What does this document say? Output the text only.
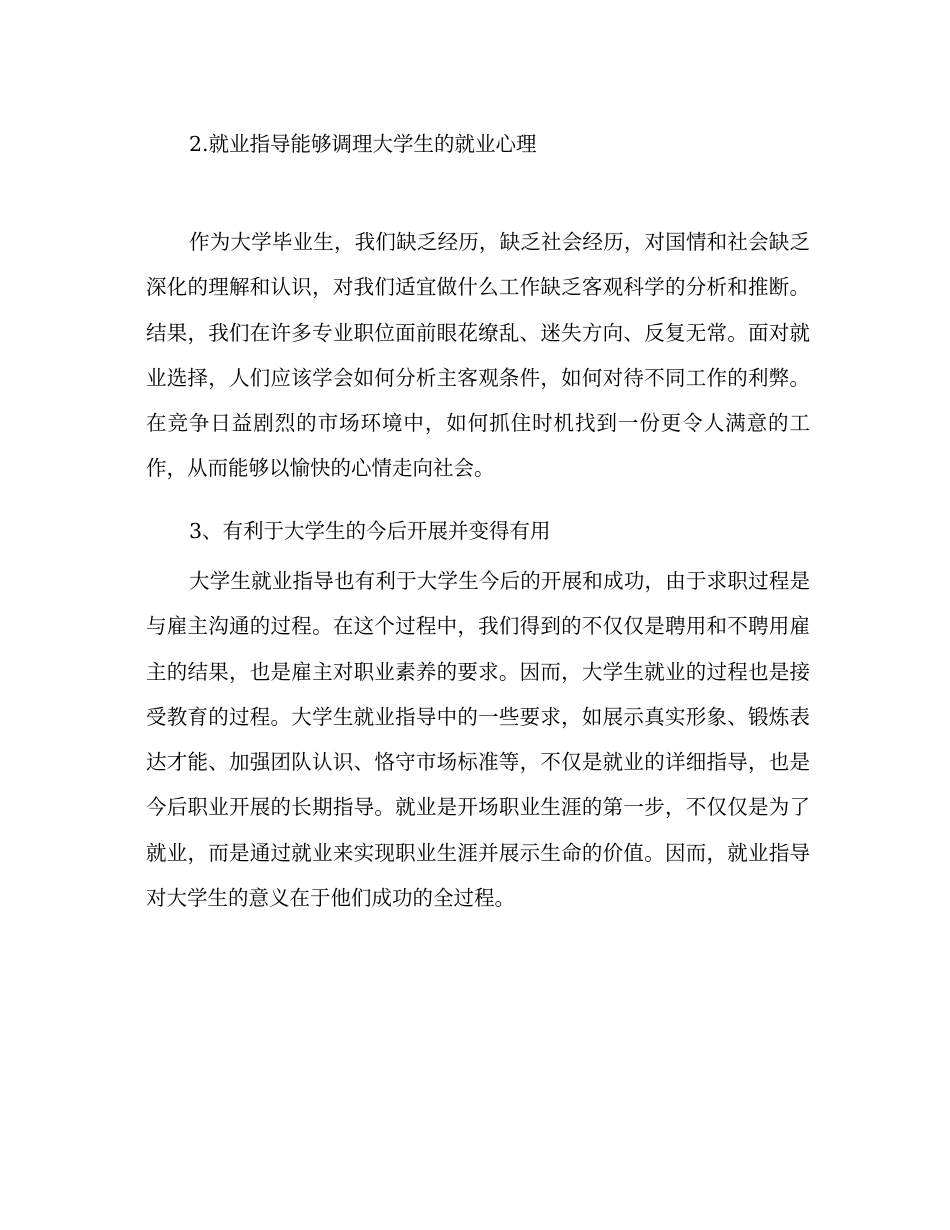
2.就业指导能够调理大学生的就业心理

作为大学毕业生，我们缺乏经历，缺乏社会经历，对国情和社会缺乏深化的理解和认识，对我们适宜做什么工作缺乏客观科学的分析和推断。结果，我们在许多专业职位面前眼花缭乱、迷失方向、反复无常。面对就业选择，人们应该学会如何分析主客观条件，如何对待不同工作的利弊。在竞争日益剧烈的市场环境中，如何抓住时机找到一份更令人满意的工作，从而能够以愉快的心情走向社会。

3、有利于大学生的今后开展并变得有用

大学生就业指导也有利于大学生今后的开展和成功，由于求职过程是与雇主沟通的过程。在这个过程中，我们得到的不仅仅是聘用和不聘用雇主的结果，也是雇主对职业素养的要求。因而，大学生就业的过程也是接受教育的过程。大学生就业指导中的一些要求，如展示真实形象、锻炼表达才能、加强团队认识、恪守市场标准等，不仅是就业的详细指导，也是今后职业开展的长期指导。就业是开场职业生涯的第一步，不仅仅是为了就业，而是通过就业来实现职业生涯并展示生命的价值。因而，就业指导对大学生的意义在于他们成功的全过程。
